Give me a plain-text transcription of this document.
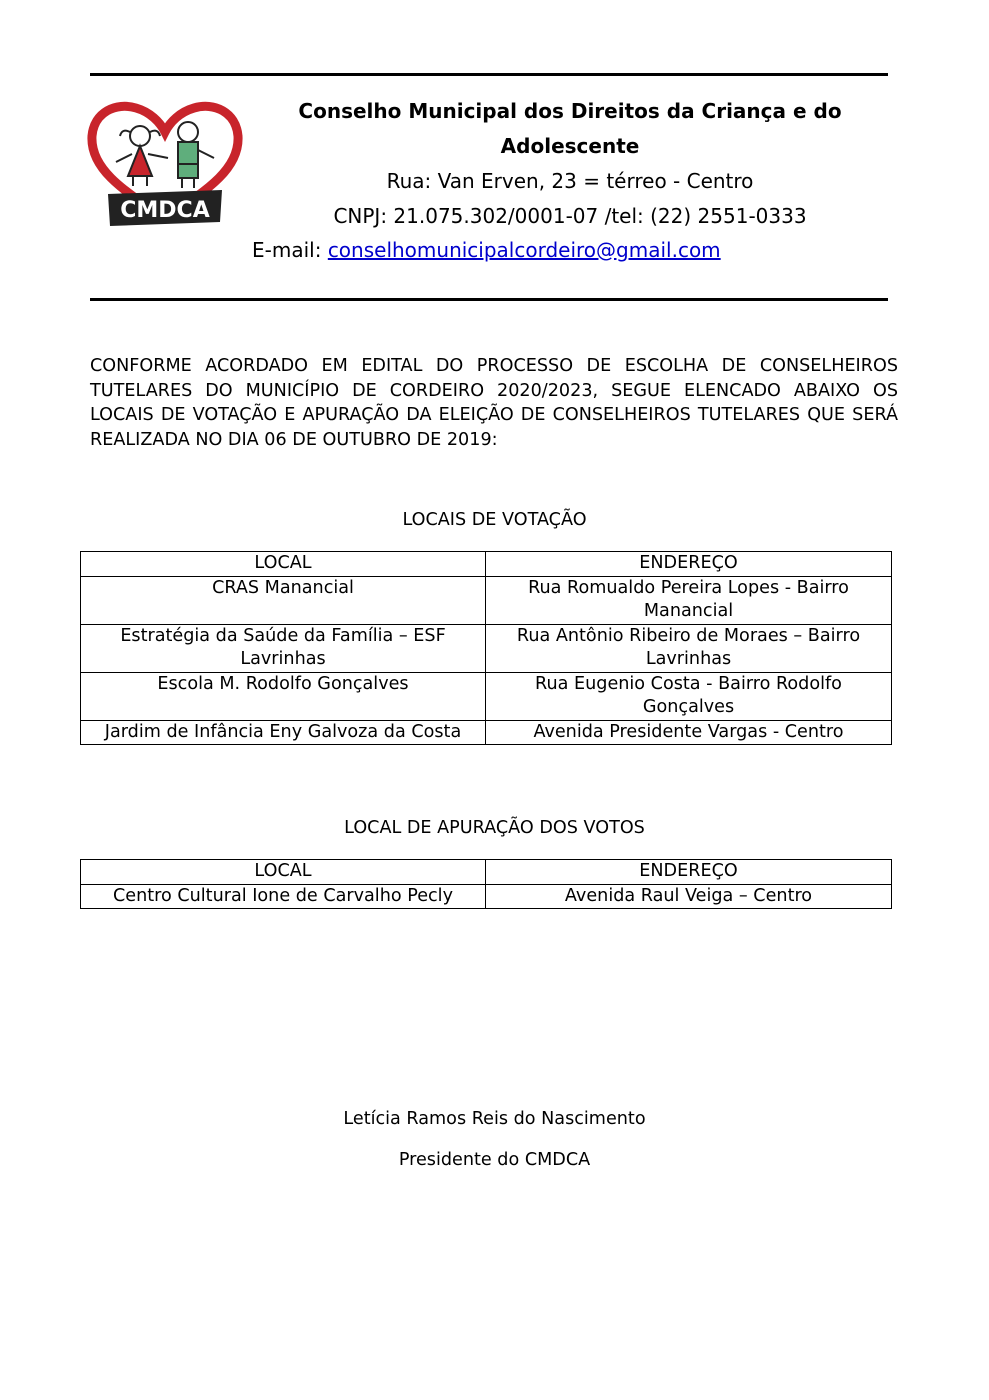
CMDCA
Conselho Municipal dos Direitos da Criança e do
Adolescente
Rua: Van Erven, 23 = térreo - Centro
CNPJ: 21.075.302/0001-07 /tel: (22) 2551-0333
E-mail: conselhomunicipalcordeiro@gmail.com
CONFORME ACORDADO EM EDITAL DO PROCESSO DE ESCOLHA DE CONSELHEIROS TUTELARES DO MUNICÍPIO DE CORDEIRO 2020/2023, SEGUE ELENCADO ABAIXO OS LOCAIS DE VOTAÇÃO E APURAÇÃO DA ELEIÇÃO DE CONSELHEIROS TUTELARES QUE SERÁ REALIZADA NO DIA 06 DE OUTUBRO DE 2019:
LOCAIS DE VOTAÇÃO
LOCAL	ENDEREÇO
CRAS Manancial	Rua Romualdo Pereira Lopes - Bairro Manancial
Estratégia da Saúde da Família – ESF Lavrinhas	Rua Antônio Ribeiro de Moraes – Bairro Lavrinhas
Escola M. Rodolfo Gonçalves	Rua Eugenio Costa - Bairro Rodolfo Gonçalves
Jardim de Infância Eny Galvoza da Costa	Avenida Presidente Vargas - Centro
LOCAL DE APURAÇÃO DOS VOTOS
LOCAL	ENDEREÇO
Centro Cultural Ione de Carvalho Pecly	Avenida Raul Veiga – Centro
Letícia Ramos Reis do Nascimento
Presidente do CMDCA
